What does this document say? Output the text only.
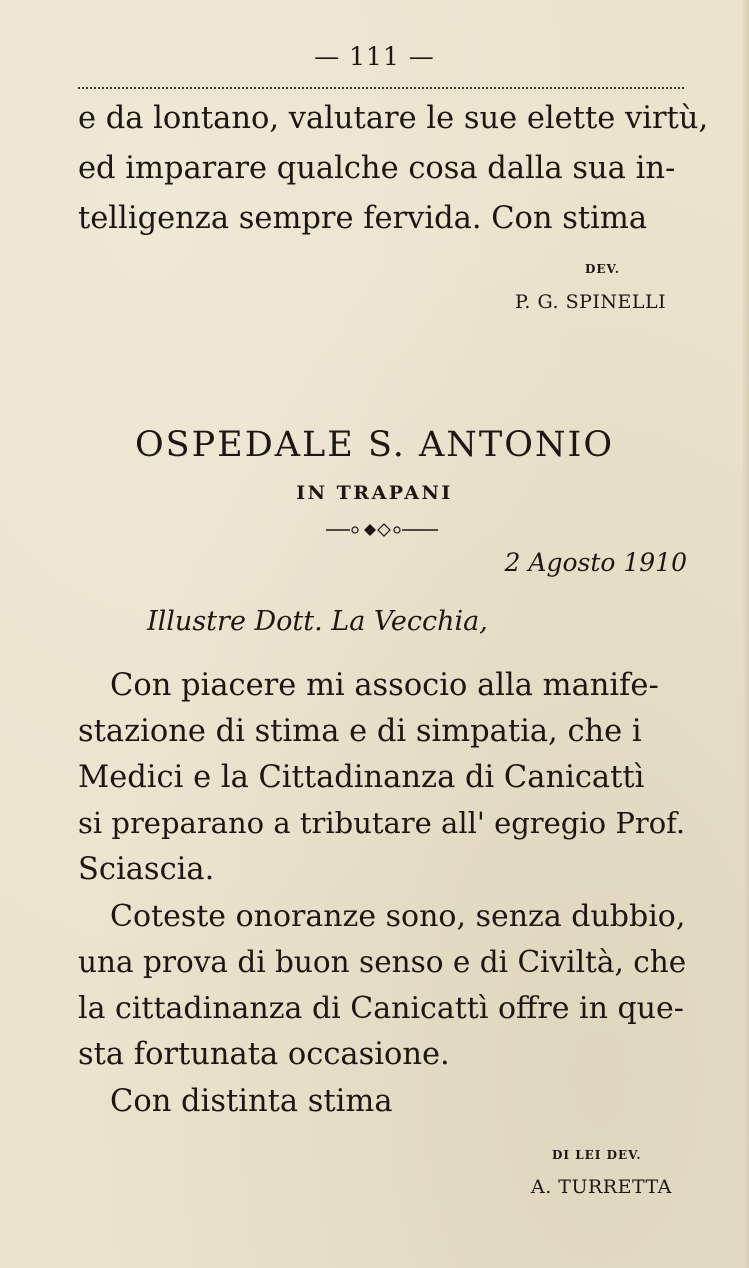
— 111 —
e da lontano, valutare le sue elette virtù,
ed imparare qualche cosa dalla sua in-
telligenza sempre fervida. Con stima
DEV.
P. G. SPINELLI
OSPEDALE S. ANTONIO
IN TRAPANI
2 Agosto 1910
Illustre Dott. La Vecchia,
Con piacere mi associo alla manife-
stazione di stima e di simpatia, che i
Medici e la Cittadinanza di Canicattì
si preparano a tributare all' egregio Prof.
Sciascia.
Coteste onoranze sono, senza dubbio,
una prova di buon senso e di Civiltà, che
la cittadinanza di Canicattì offre in que-
sta fortunata occasione.
Con distinta stima
DI LEI DEV.
A. TURRETTA
